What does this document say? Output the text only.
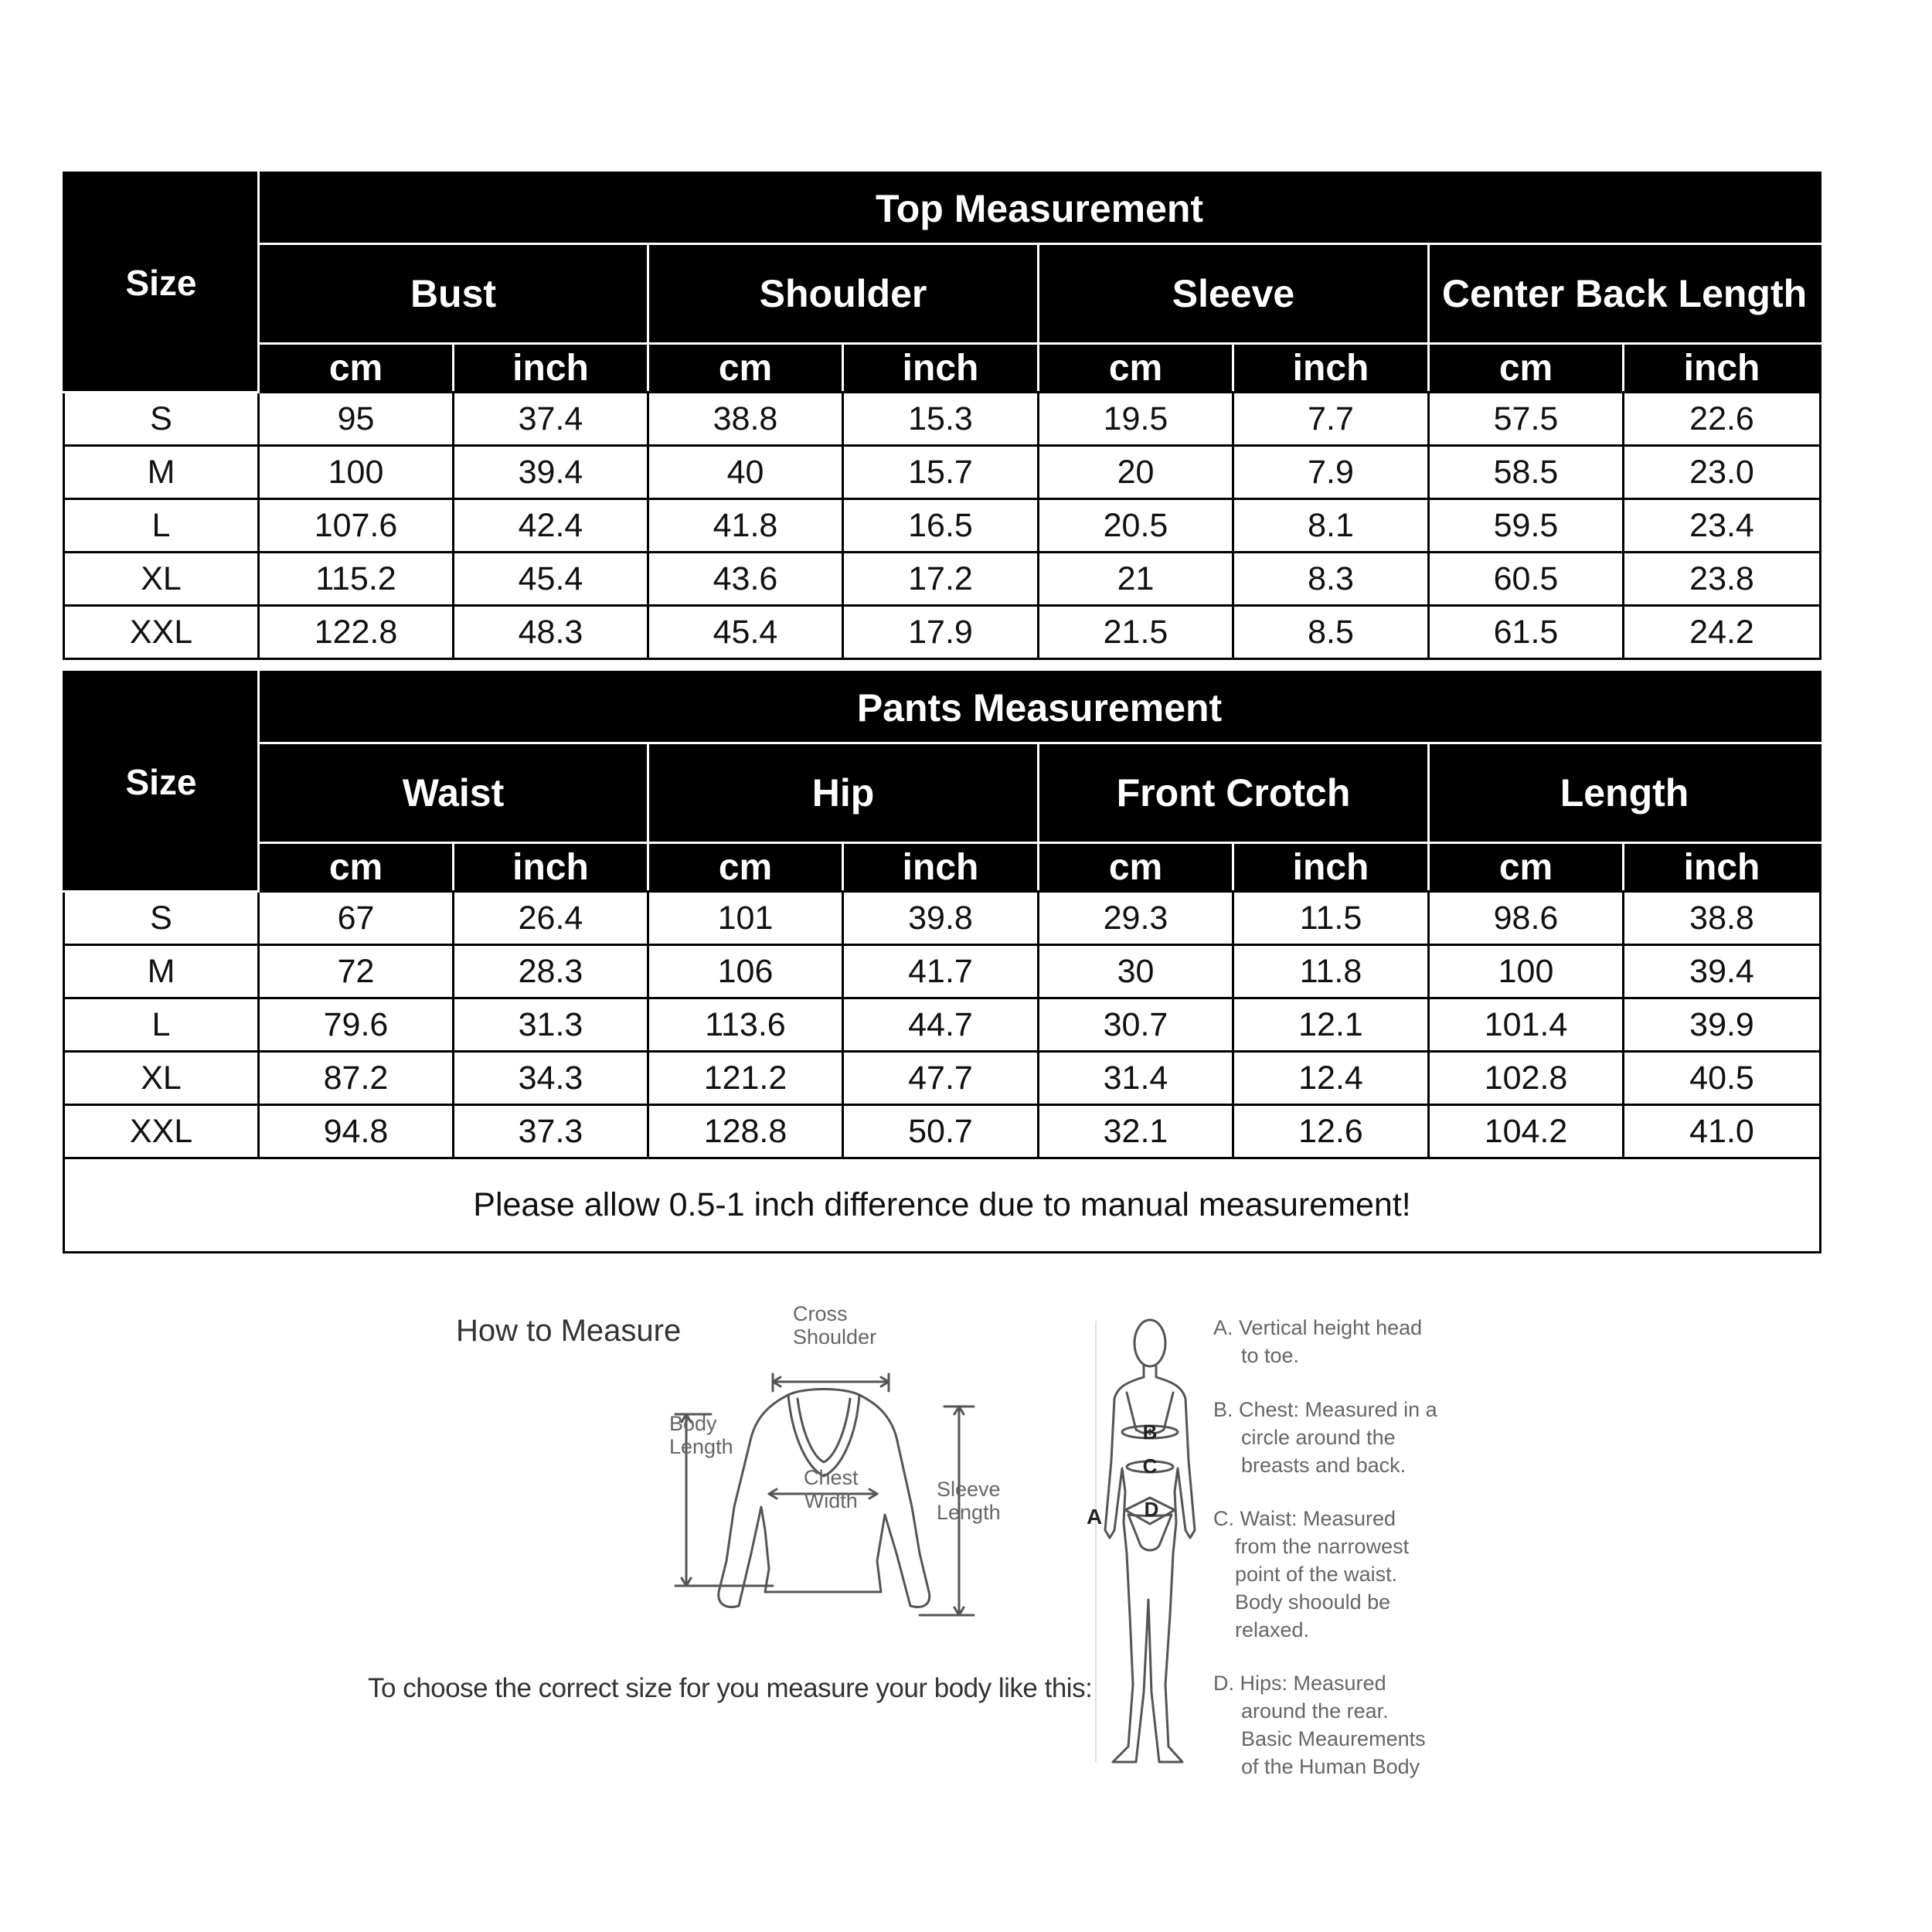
Size	Top Measurement							
	Bust		Shoulder		Sleeve		Center Back Length	
	cm	inch	cm	inch	cm	inch	cm	inch
S	95	37.4	38.8	15.3	19.5	7.7	57.5	22.6
M	100	39.4	40	15.7	20	7.9	58.5	23.0
L	107.6	42.4	41.8	16.5	20.5	8.1	59.5	23.4
XL	115.2	45.4	43.6	17.2	21	8.3	60.5	23.8
XXL	122.8	48.3	45.4	17.9	21.5	8.5	61.5	24.2
Size	Pants Measurement							
	Waist		Hip		Front Crotch		Length	
	cm	inch	cm	inch	cm	inch	cm	inch
S	67	26.4	101	39.8	29.3	11.5	98.6	38.8
M	72	28.3	106	41.7	30	11.8	100	39.4
L	79.6	31.3	113.6	44.7	30.7	12.1	101.4	39.9
XL	87.2	34.3	121.2	47.7	31.4	12.4	102.8	40.5
XXL	94.8	37.3	128.8	50.7	32.1	12.6	104.2	41.0
Please allow 0.5-1 inch difference due to manual measurement!								
How to Measure	Cross
Shoulder
Body
Length
Chest
Width	Sleeve
Length
To choose the correct size for you measure your body like this:
B
C
D
A
A. Vertical height head
to toe.
B. Chest: Measured in a
circle around the
breasts and back.
C. Waist: Measured
from the narrowest
point of the waist.
Body shoould be
relaxed.
D. Hips: Measured
around the rear.
Basic Meaurements
of the Human Body
